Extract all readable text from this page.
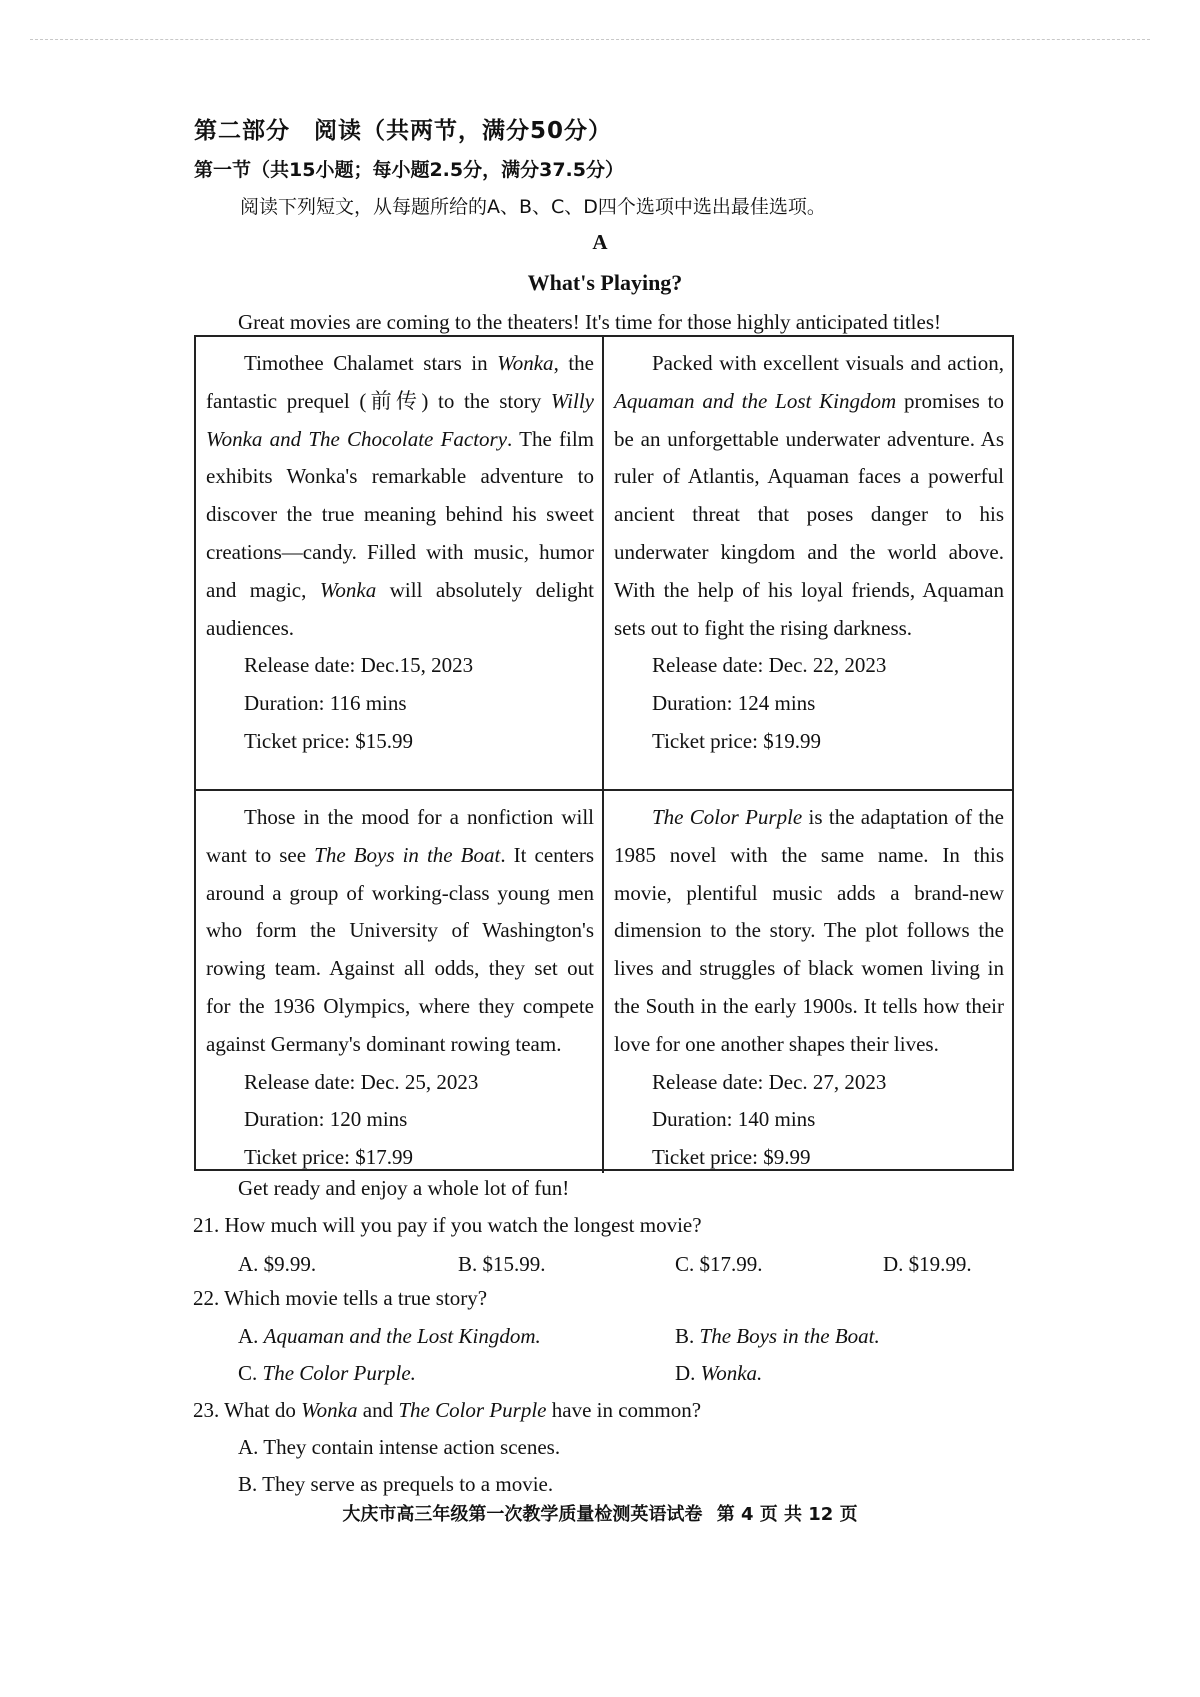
第二部分　阅读（共两节，满分50分）
第一节（共15小题；每小题2.5分，满分37.5分）
阅读下列短文，从每题所给的A、B、C、D四个选项中选出最佳选项。
A
What's Playing?
Great movies are coming to the theaters! It's time for those highly anticipated titles!

Timothee Chalamet stars in Wonka, the fantastic prequel (前传) to the story Willy Wonka and The Chocolate Factory. The film exhibits Wonka's remarkable adventure to discover the true meaning behind his sweet creations—candy. Filled with music, humor and magic, Wonka will absolutely delight audiences.

Release date: Dec.15, 2023

Duration: 116 mins

Ticket price: $15.99

Packed with excellent visuals and action, Aquaman and the Lost Kingdom promises to be an unforgettable underwater adventure. As ruler of Atlantis, Aquaman faces a powerful ancient threat that poses danger to his underwater kingdom and the world above. With the help of his loyal friends, Aquaman sets out to fight the rising darkness.

Release date: Dec. 22, 2023

Duration: 124 mins

Ticket price: $19.99

Those in the mood for a nonfiction will want to see The Boys in the Boat. It centers around a group of working-class young men who form the University of Washington's rowing team. Against all odds, they set out for the 1936 Olympics, where they compete against Germany's dominant rowing team.

Release date: Dec. 25, 2023

Duration: 120 mins

Ticket price: $17.99

The Color Purple is the adaptation of the 1985 novel with the same name. In this movie, plentiful music adds a brand-new dimension to the story. The plot follows the lives and struggles of black women living in the South in the early 1900s. It tells how their love for one another shapes their lives.

Release date: Dec. 27, 2023

Duration: 140 mins

Ticket price: $9.99

Get ready and enjoy a whole lot of fun!
21. How much will you pay if you watch the longest movie?
A. $9.99.	B. $15.99.	C. $17.99.	D. $19.99.
22. Which movie tells a true story?
A. Aquaman and the Lost Kingdom.	B. The Boys in the Boat.
C. The Color Purple.	D. Wonka.
23. What do Wonka and The Color Purple have in common?
A. They contain intense action scenes.
B. They serve as prequels to a movie.
大庆市高三年级第一次教学质量检测英语试卷 第 4 页 共 12 页
